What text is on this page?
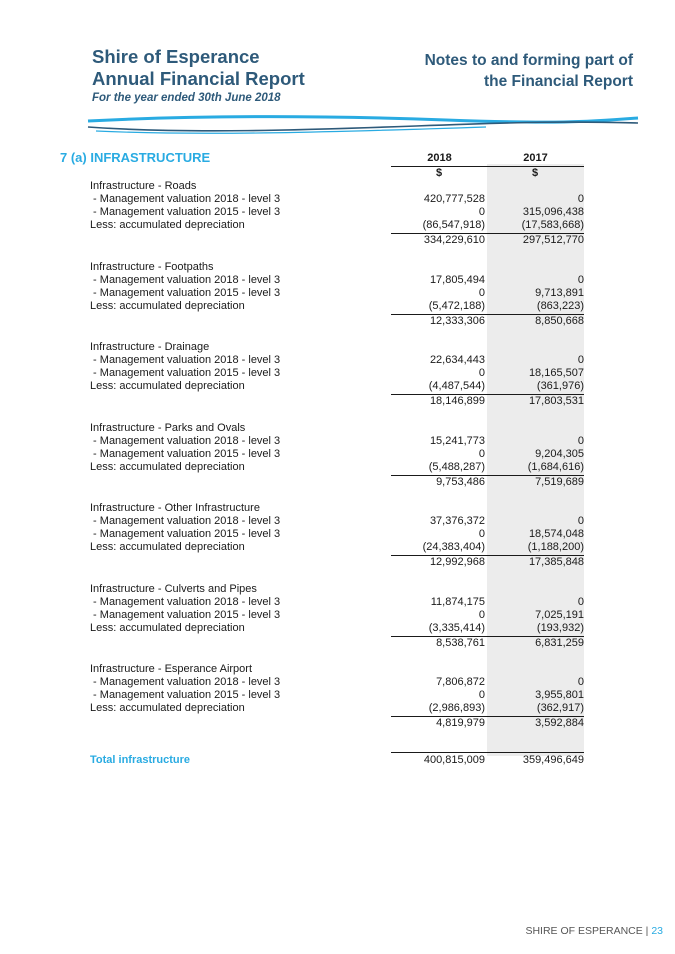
Shire of Esperance
Annual Financial Report
For the year ended 30th June 2018
Notes to and forming part of
the Financial Report
7 (a) INFRASTRUCTURE	2018	2017
$	$
Infrastructure - Roads
- Management valuation 2018 - level 3	420,777,528	0
- Management valuation 2015 - level 3	0	315,096,438
Less: accumulated depreciation	(86,547,918)	(17,583,668)
334,229,610	297,512,770
Infrastructure - Footpaths
- Management valuation 2018 - level 3	17,805,494	0
- Management valuation 2015 - level 3	0	9,713,891
Less: accumulated depreciation	(5,472,188)	(863,223)
12,333,306	8,850,668
Infrastructure - Drainage
- Management valuation 2018 - level 3	22,634,443	0
- Management valuation 2015 - level 3	0	18,165,507
Less: accumulated depreciation	(4,487,544)	(361,976)
18,146,899	17,803,531
Infrastructure - Parks and Ovals
- Management valuation 2018 - level 3	15,241,773	0
- Management valuation 2015 - level 3	0	9,204,305
Less: accumulated depreciation	(5,488,287)	(1,684,616)
9,753,486	7,519,689
Infrastructure - Other Infrastructure
- Management valuation 2018 - level 3	37,376,372	0
- Management valuation 2015 - level 3	0	18,574,048
Less: accumulated depreciation	(24,383,404)	(1,188,200)
12,992,968	17,385,848
Infrastructure - Culverts and Pipes
- Management valuation 2018 - level 3	11,874,175	0
- Management valuation 2015 - level 3	0	7,025,191
Less: accumulated depreciation	(3,335,414)	(193,932)
8,538,761	6,831,259
Infrastructure - Esperance Airport
- Management valuation 2018 - level 3	7,806,872	0
- Management valuation 2015 - level 3	0	3,955,801
Less: accumulated depreciation	(2,986,893)	(362,917)
4,819,979	3,592,884
Total infrastructure	400,815,009	359,496,649
SHIRE OF ESPERANCE | 23
